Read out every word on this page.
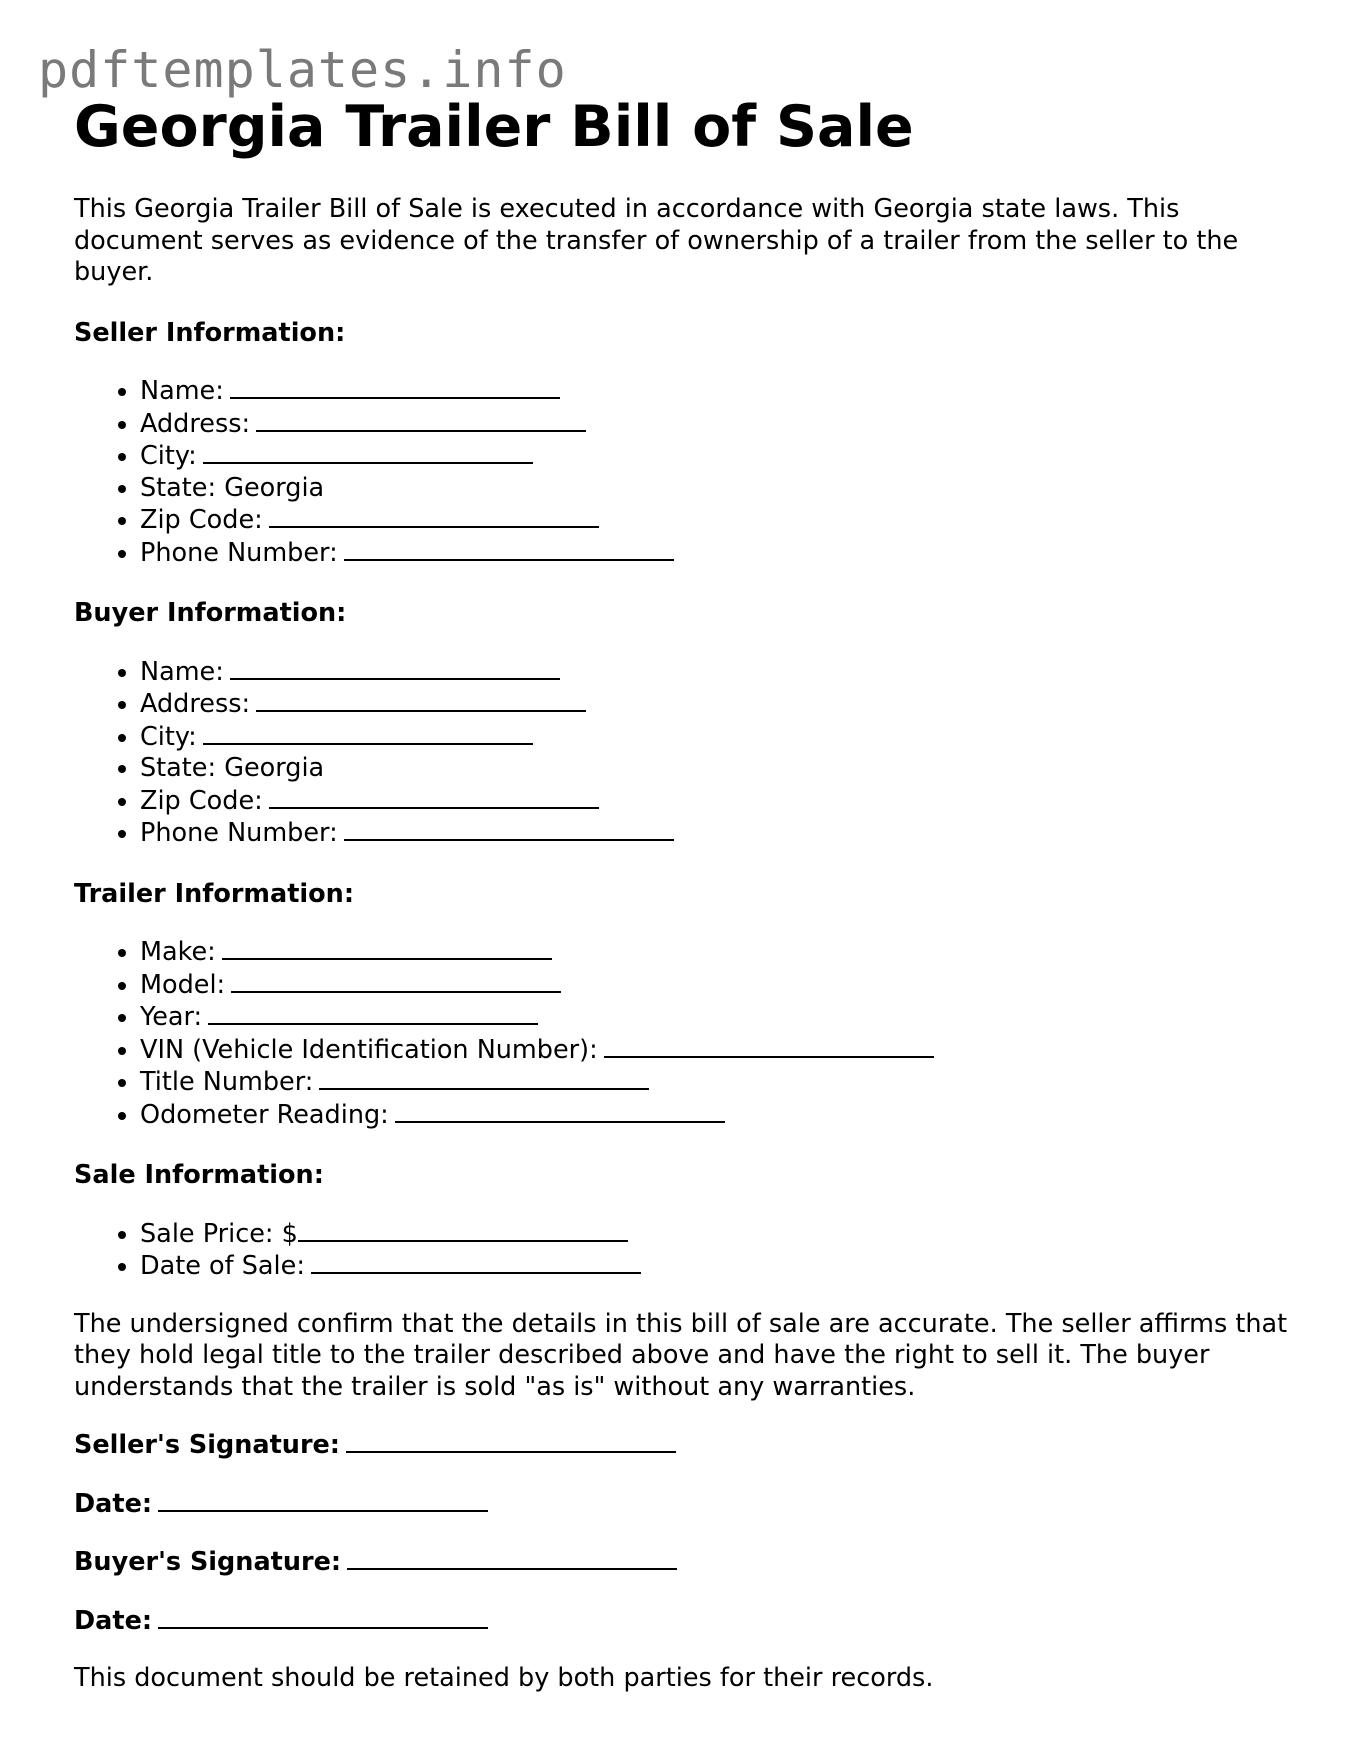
pdftemplates.info
Georgia Trailer Bill of Sale

This Georgia Trailer Bill of Sale is executed in accordance with Georgia state laws. This document serves as evidence of the transfer of ownership of a trailer from the seller to the buyer.

Seller Information:
• Name:
• Address:
• City:
• State: Georgia
• Zip Code:
• Phone Number:
Buyer Information:
• Name:
• Address:
• City:
• State: Georgia
• Zip Code:
• Phone Number:
Trailer Information:
• Make:
• Model:
• Year:
• VIN (Vehicle Identification Number):
• Title Number:
• Odometer Reading:
Sale Information:
• Sale Price: $
• Date of Sale:

The undersigned confirm that the details in this bill of sale are accurate. The seller affirms that they hold legal title to the trailer described above and have the right to sell it. The buyer understands that the trailer is sold "as is" without any warranties.

Seller's Signature:
Date:
Buyer's Signature:
Date:

This document should be retained by both parties for their records.
